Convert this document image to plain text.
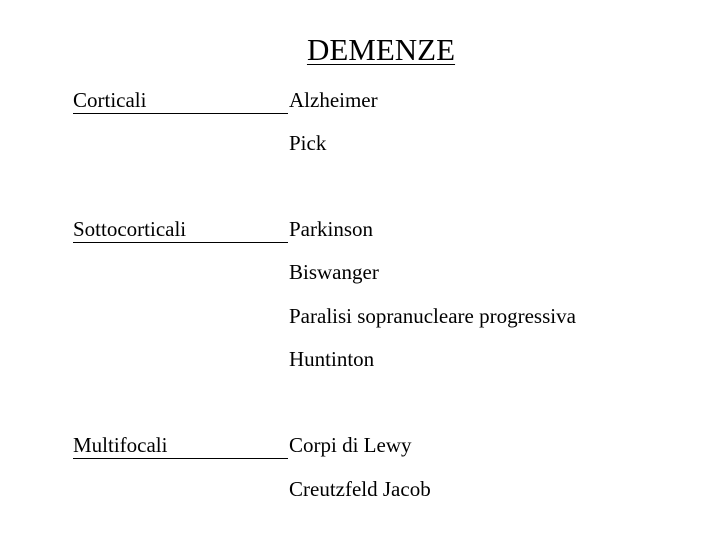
DEMENZE
Corticali	Alzheimer
Pick
Sottocorticali	Parkinson
Biswanger
Paralisi sopranucleare progressiva
Huntinton
Multifocali	Corpi di Lewy
Creutzfeld Jacob
